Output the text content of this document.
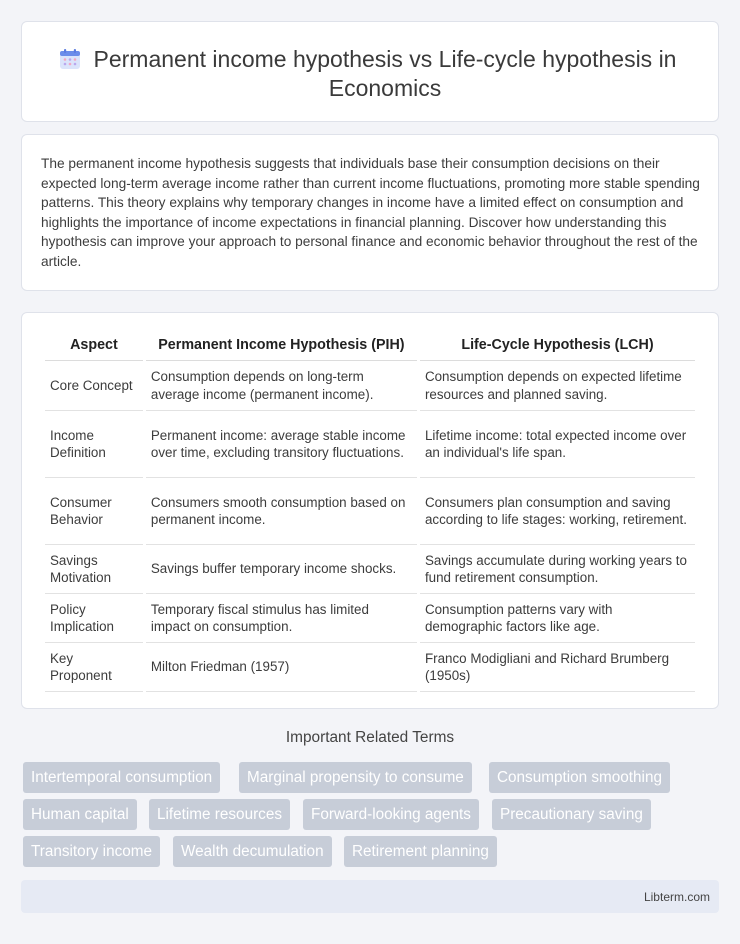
Permanent income hypothesis vs Life-cycle hypothesis in Economics

The permanent income hypothesis suggests that individuals base their consumption decisions on their expected long-term average income rather than current income fluctuations, promoting more stable spending patterns. This theory explains why temporary changes in income have a limited effect on consumption and highlights the importance of income expectations in financial planning. Discover how understanding this hypothesis can improve your approach to personal finance and economic behavior throughout the rest of the article.

Aspect	Permanent Income Hypothesis (PIH)	Life-Cycle Hypothesis (LCH)
Core Concept	Consumption depends on long-term average income (permanent income).	Consumption depends on expected lifetime resources and planned saving.
Income Definition	Permanent income: average stable income over time, excluding transitory fluctuations.	Lifetime income: total expected income over an individual's life span.
Consumer Behavior	Consumers smooth consumption based on permanent income.	Consumers plan consumption and saving according to life stages: working, retirement.
Savings Motivation	Savings buffer temporary income shocks.	Savings accumulate during working years to fund retirement consumption.
Policy Implication	Temporary fiscal stimulus has limited impact on consumption.	Consumption patterns vary with demographic factors like age.
Key Proponent	Milton Friedman (1957)	Franco Modigliani and Richard Brumberg (1950s)
Important Related Terms
Intertemporal consumption	Marginal propensity to consume	Consumption smoothing
Human capital	Lifetime resources	Forward-looking agents	Precautionary saving
Transitory income	Wealth decumulation	Retirement planning
Libterm.com
